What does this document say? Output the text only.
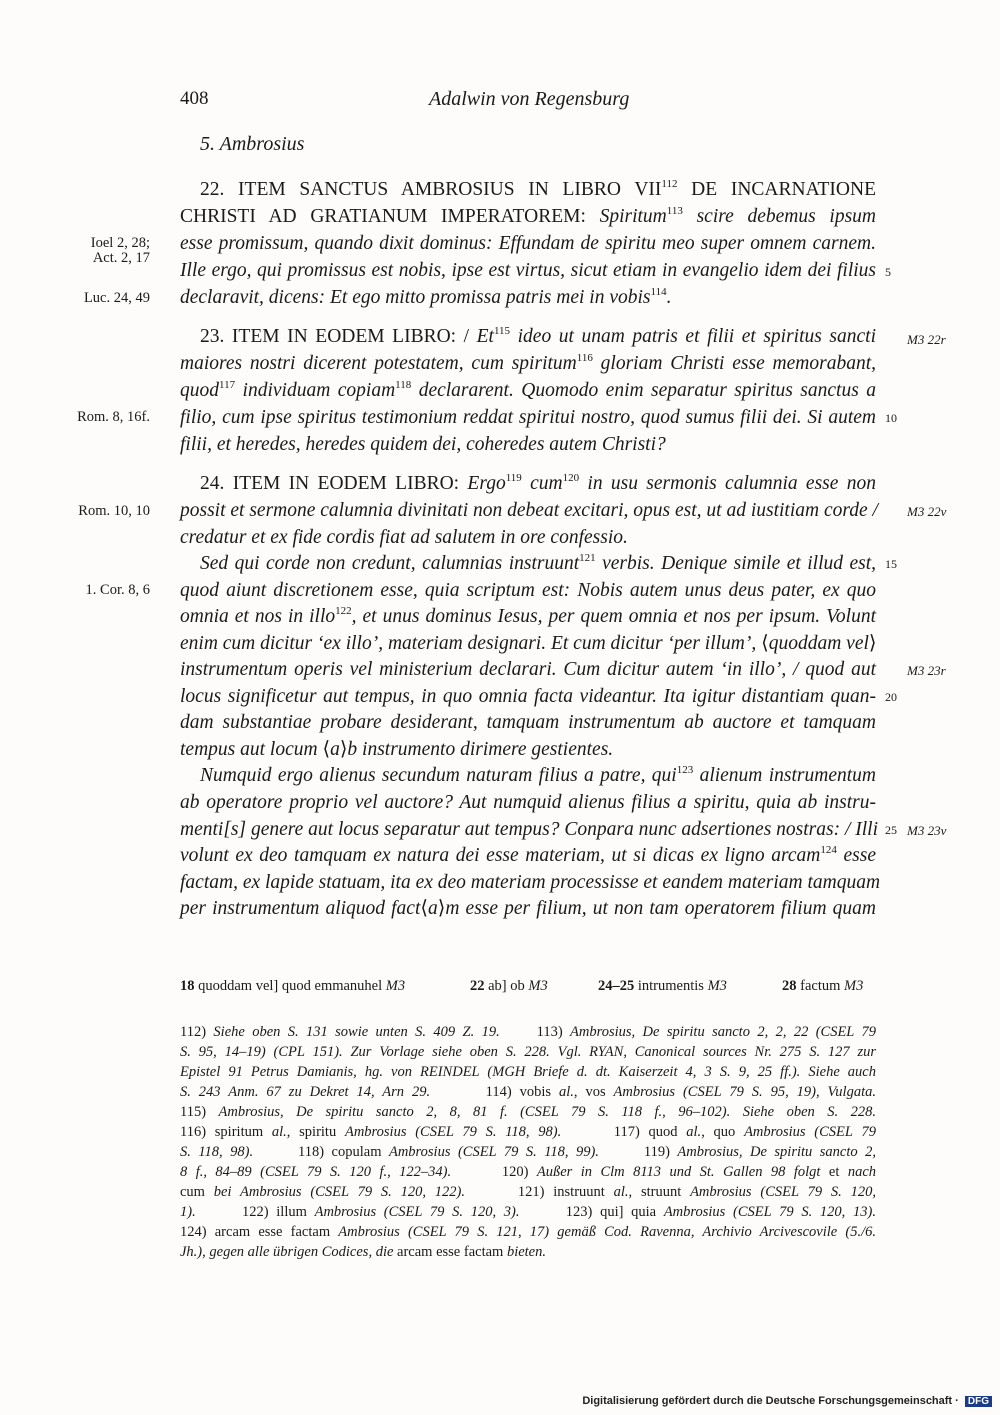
408	Adalwin von Regensburg
5. Ambrosius
Ioel 2, 28;
Act. 2, 17
Luc. 24, 49
Rom. 8, 16f.
Rom. 10, 10
1. Cor. 8, 6
5
10
15
20
25
M3 22r
M3 22v
M3 23r
M3 23v
22. ITEM SANCTUS AMBROSIUS IN LIBRO VII$^{112}$ DE INCARNATIONE
CHRISTI AD GRATIANUM IMPERATOREM: Spiritum$^{113}$ scire debemus ipsum
esse promissum, quando dixit dominus: Effundam de spiritu meo super omnem carnem.
Ille ergo, qui promissus est nobis, ipse est virtus, sicut etiam in evangelio idem dei filius
declaravit, dicens: Et ego mitto promissa patris mei in vobis$^{114}$.
23. ITEM IN EODEM LIBRO: / Et$^{115}$ ideo ut unam patris et filii et spiritus sancti
maiores nostri dicerent potestatem, cum spiritum$^{116}$ gloriam Christi esse memorabant,
quod$^{117}$ individuam copiam$^{118}$ declararent. Quomodo enim separatur spiritus sanctus a
filio, cum ipse spiritus testimonium reddat spiritui nostro, quod sumus filii dei. Si autem
filii, et heredes, heredes quidem dei, coheredes autem Christi?
24. ITEM IN EODEM LIBRO: Ergo$^{119}$ cum$^{120}$ in usu sermonis calumnia esse non
possit et sermone calumnia divinitati non debeat excitari, opus est, ut ad iustitiam corde /
credatur et ex fide cordis fiat ad salutem in ore confessio.
Sed qui corde non credunt, calumnias instruunt$^{121}$ verbis. Denique simile et illud est,
quod aiunt discretionem esse, quia scriptum est: Nobis autem unus deus pater, ex quo
omnia et nos in illo$^{122}$, et unus dominus Iesus, per quem omnia et nos per ipsum. Volunt
enim cum dicitur ‘ex illo’, materiam designari. Et cum dicitur ‘per illum’, ⟨quoddam vel⟩
instrumentum operis vel ministerium declarari. Cum dicitur autem ‘in illo’, / quod aut
locus significetur aut tempus, in quo omnia facta videantur. Ita igitur distantiam quan-
dam substantiae probare desiderant, tamquam instrumentum ab auctore et tamquam
tempus aut locum ⟨a⟩b instrumento dirimere gestientes.
Numquid ergo alienus secundum naturam filius a patre, qui$^{123}$ alienum instrumentum
ab operatore proprio vel auctore? Aut numquid alienus filius a spiritu, quia ab instru-
menti[s] genere aut locus separatur aut tempus? Conpara nunc adsertiones nostras: / Illi
volunt ex deo tamquam ex natura dei esse materiam, ut si dicas ex ligno arcam$^{124}$ esse
factam, ex lapide statuam, ita ex deo materiam processisse et eandem materiam tamquam
per instrumentum aliquod fact⟨a⟩m esse per filium, ut non tam operatorem filium quam
18 quoddam vel] quod emmanuhel M3	22 ab] ob M3	24–25 intrumentis M3	28 factum M3
112) Siehe oben S. 131 sowie unten S. 409 Z. 19.     113) Ambrosius, De spiritu sancto 2, 2, 22 (CSEL 79
S. 95, 14–19) (CPL 151). Zur Vorlage siehe oben S. 228. Vgl. RYAN, Canonical sources Nr. 275 S. 127 zur
Epistel 91 Petrus Damianis, hg. von REINDEL (MGH Briefe d. dt. Kaiserzeit 4, 3 S. 9, 25 ff.). Siehe auch
S. 243 Anm. 67 zu Dekret 14, Arn 29.       114) vobis al., vos Ambrosius (CSEL 79 S. 95, 19), Vulgata.
115) Ambrosius, De spiritu sancto 2, 8, 81 f. (CSEL 79 S. 118 f., 96–102). Siehe oben S. 228.
116) spiritum al., spiritu Ambrosius (CSEL 79 S. 118, 98).      117) quod al., quo Ambrosius (CSEL 79
S. 118, 98).      118) copulam Ambrosius (CSEL 79 S. 118, 99).      119) Ambrosius, De spiritu sancto 2,
8 f., 84–89 (CSEL 79 S. 120 f., 122–34).      120) Außer in Clm 8113 und St. Gallen 98 folgt et nach
cum bei Ambrosius (CSEL 79 S. 120, 122).      121) instruunt al., struunt Ambrosius (CSEL 79 S. 120,
1).      122) illum Ambrosius (CSEL 79 S. 120, 3).      123) qui] quia Ambrosius (CSEL 79 S. 120, 13).
124) arcam esse factam Ambrosius (CSEL 79 S. 121, 17) gemäß Cod. Ravenna, Archivio Arcivescovile (5./6.
Jh.), gegen alle übrigen Codices, die arcam esse factam bieten.
Digitalisierung gefördert durch die Deutsche Forschungsgemeinschaft · DFG
